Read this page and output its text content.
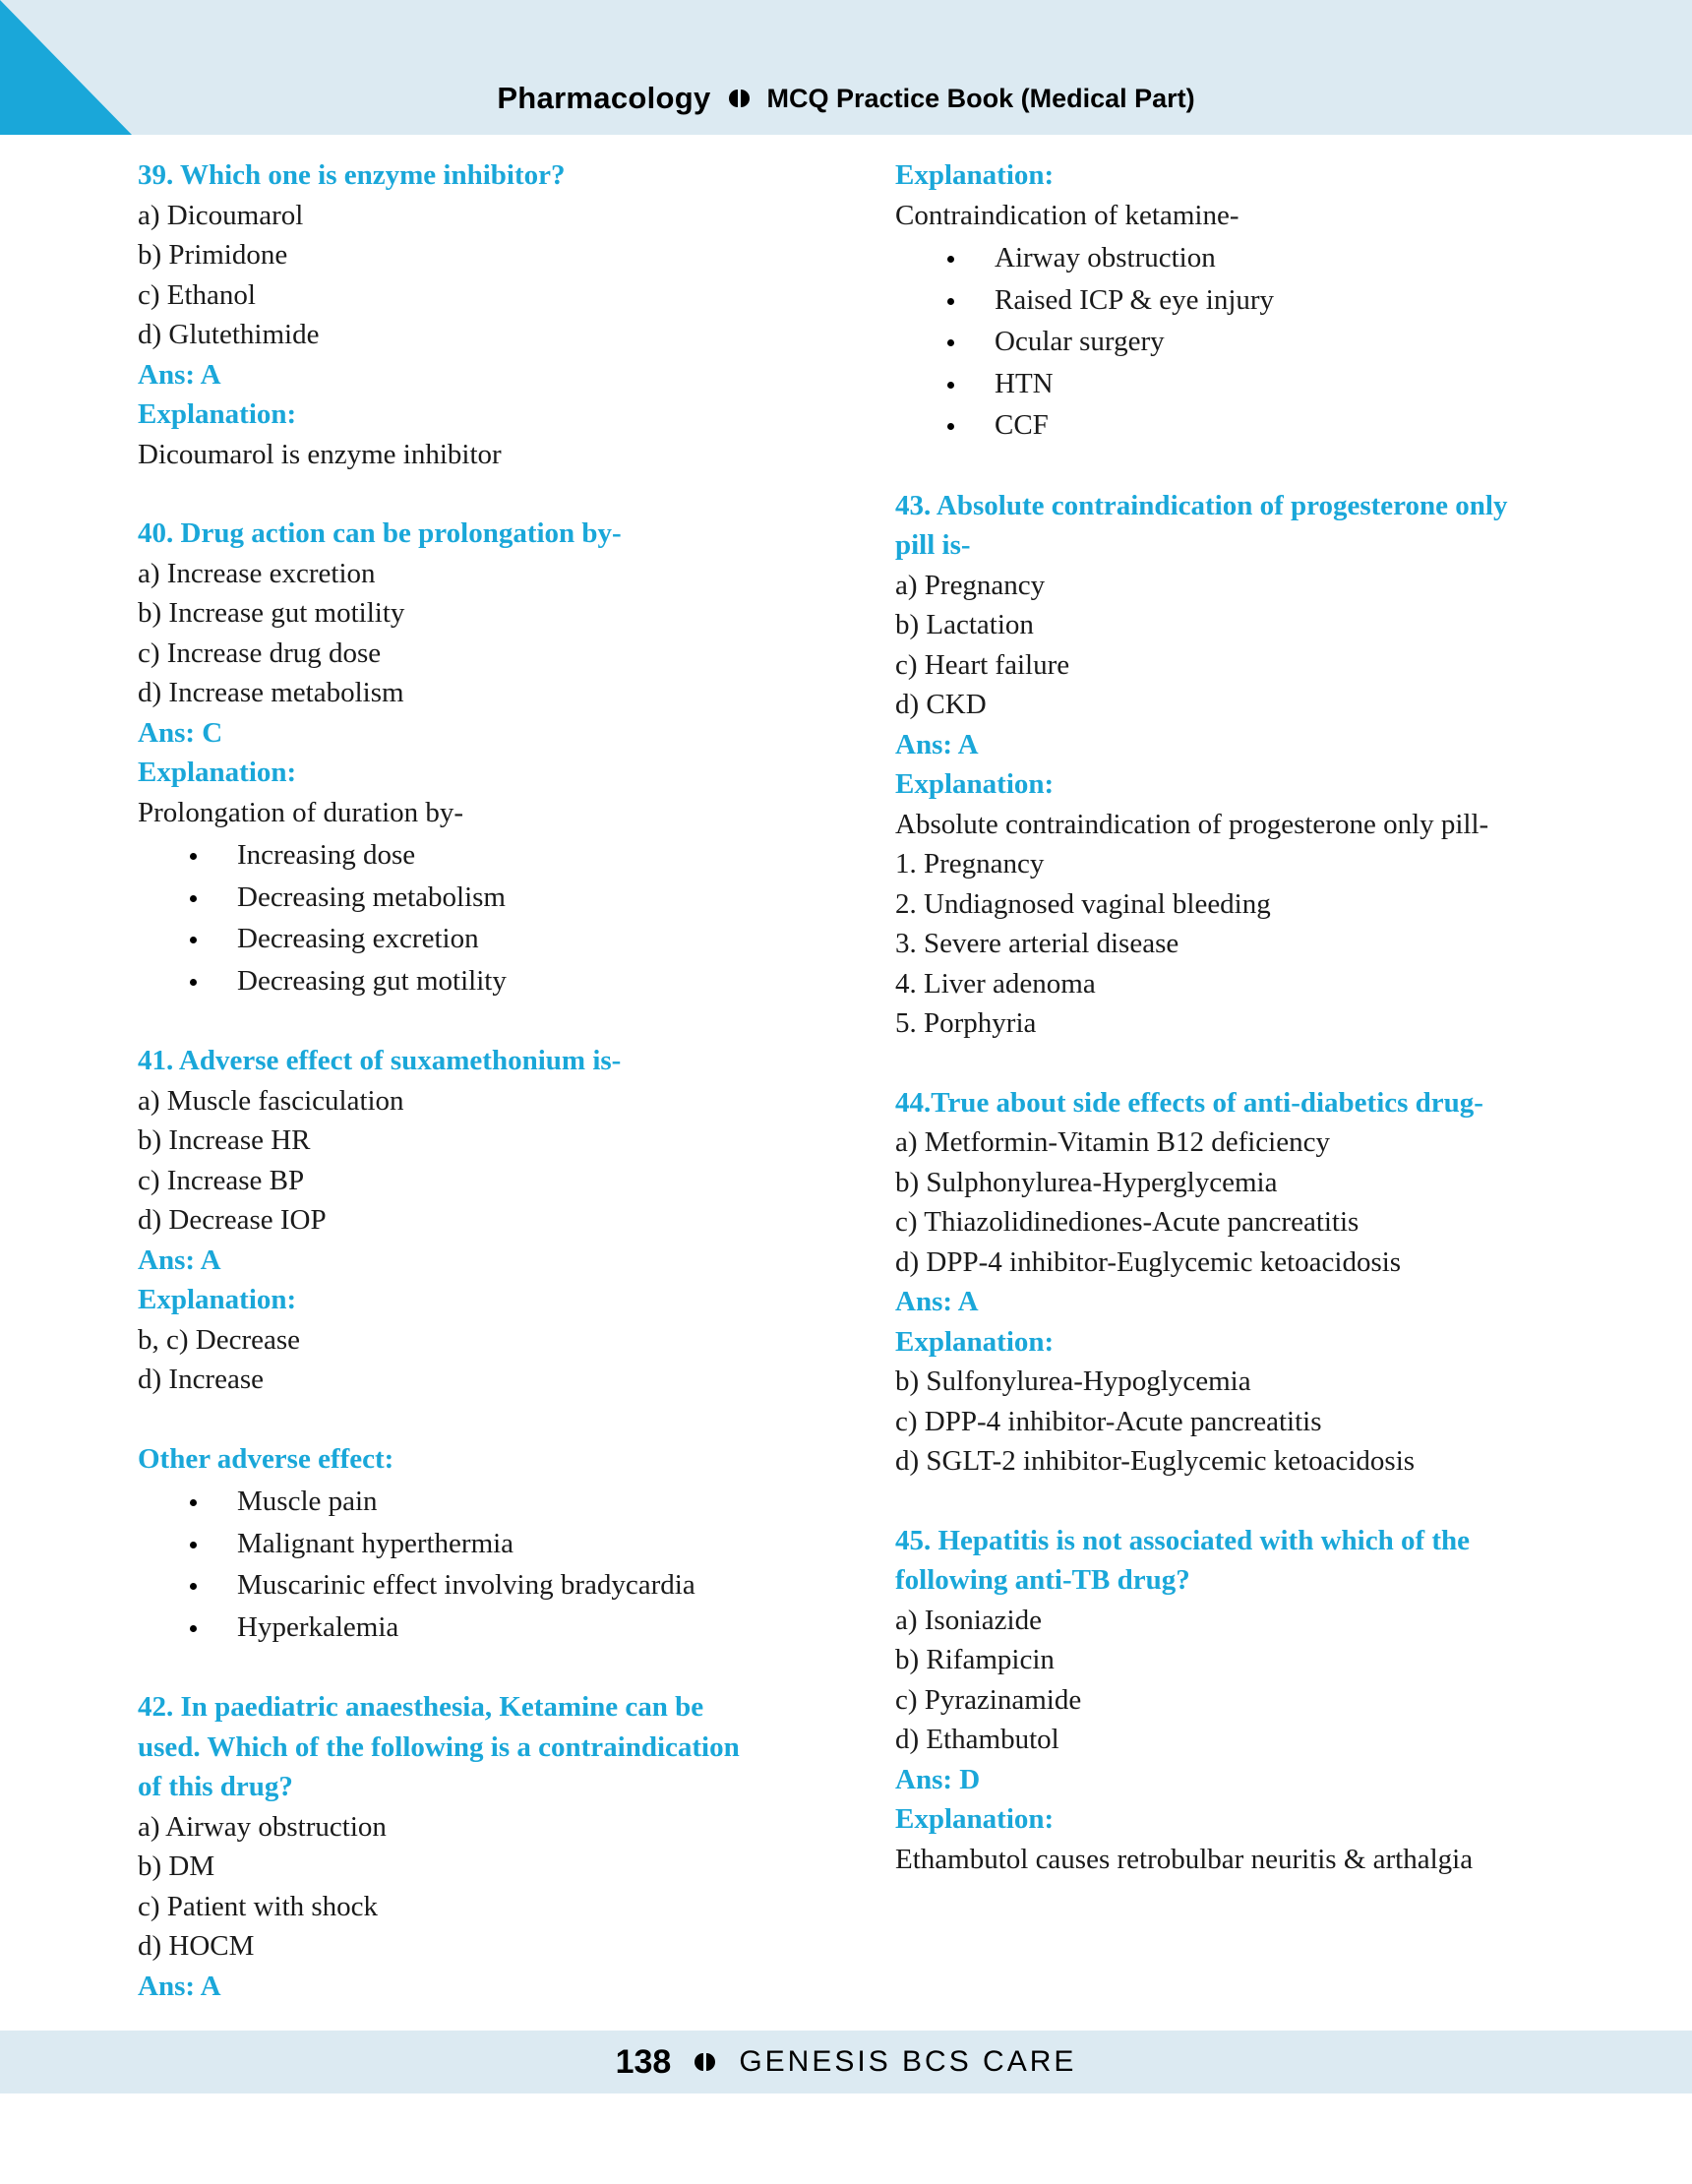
Pharmacology MCQ Practice Book (Medical Part)
39. Which one is enzyme inhibitor?
a) Dicoumarol
b) Primidone
c) Ethanol
d) Glutethimide
Ans: A
Explanation:
Dicoumarol is enzyme inhibitor
40. Drug action can be prolongation by-
a) Increase excretion
b) Increase gut motility
c) Increase drug dose
d) Increase metabolism
Ans: C
Explanation:
Prolongation of duration by-
Increasing dose
Decreasing metabolism
Decreasing excretion
Decreasing gut motility
41. Adverse effect of suxamethonium is-
a) Muscle fasciculation
b) Increase HR
c) Increase BP
d) Decrease IOP
Ans: A
Explanation:
b, c) Decrease
d) Increase
Other adverse effect:
Muscle pain
Malignant hyperthermia
Muscarinic effect involving bradycardia
Hyperkalemia
42. In paediatric anaesthesia, Ketamine can be
used. Which of the following is a contraindication
of this drug?
a) Airway obstruction
b) DM
c) Patient with shock
d) HOCM
Ans: A
Explanation:
Contraindication of ketamine-
Airway obstruction
Raised ICP & eye injury
Ocular surgery
HTN
CCF
43. Absolute contraindication of progesterone only
pill is-
a) Pregnancy
b) Lactation
c) Heart failure
d) CKD
Ans: A
Explanation:
Absolute contraindication of progesterone only pill-
1. Pregnancy
2. Undiagnosed vaginal bleeding
3. Severe arterial disease
4. Liver adenoma
5. Porphyria
44.True about side effects of anti-diabetics drug-
a) Metformin-Vitamin B12 deficiency
b) Sulphonylurea-Hyperglycemia
c) Thiazolidinediones-Acute pancreatitis
d) DPP-4 inhibitor-Euglycemic ketoacidosis
Ans: A
Explanation:
b) Sulfonylurea-Hypoglycemia
c) DPP-4 inhibitor-Acute pancreatitis
d) SGLT-2 inhibitor-Euglycemic ketoacidosis
45. Hepatitis is not associated with which of the
following anti-TB drug?
a) Isoniazide
b) Rifampicin
c) Pyrazinamide
d) Ethambutol
Ans: D
Explanation:
Ethambutol causes retrobulbar neuritis & arthalgia
138 GENESIS BCS CARE
